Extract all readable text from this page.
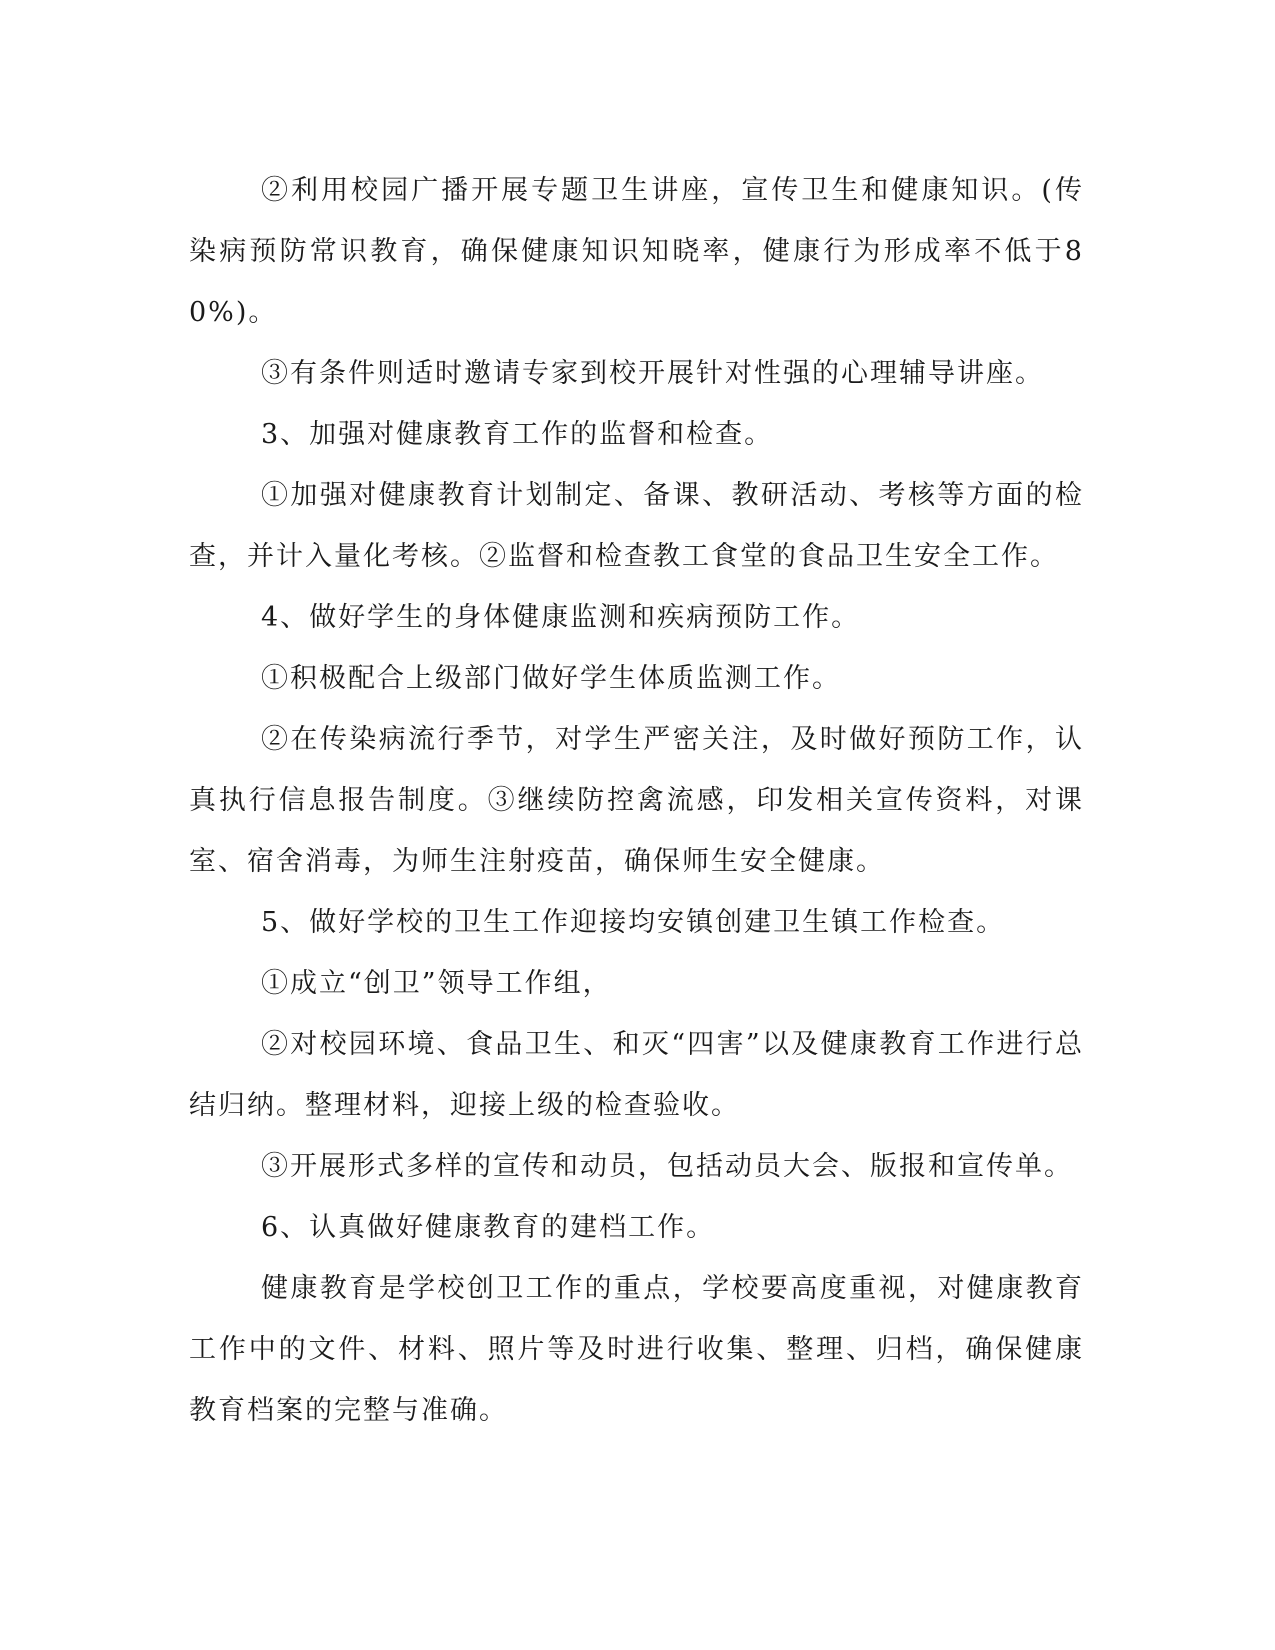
②利用校园广播开展专题卫生讲座，宣传卫生和健康知识。(传染病预防常识教育，确保健康知识知晓率，健康行为形成率不低于80%)。

③有条件则适时邀请专家到校开展针对性强的心理辅导讲座。

3、加强对健康教育工作的监督和检查。

①加强对健康教育计划制定、备课、教研活动、考核等方面的检查，并计入量化考核。②监督和检查教工食堂的食品卫生安全工作。

4、做好学生的身体健康监测和疾病预防工作。

①积极配合上级部门做好学生体质监测工作。

②在传染病流行季节，对学生严密关注，及时做好预防工作，认真执行信息报告制度。③继续防控禽流感，印发相关宣传资料，对课室、宿舍消毒，为师生注射疫苗，确保师生安全健康。

5、做好学校的卫生工作迎接均安镇创建卫生镇工作检查。

①成立“创卫”领导工作组，

②对校园环境、食品卫生、和灭“四害”以及健康教育工作进行总结归纳。整理材料，迎接上级的检查验收。

③开展形式多样的宣传和动员，包括动员大会、版报和宣传单。

6、认真做好健康教育的建档工作。

健康教育是学校创卫工作的重点，学校要高度重视，对健康教育工作中的文件、材料、照片等及时进行收集、整理、归档，确保健康教育档案的完整与准确。
